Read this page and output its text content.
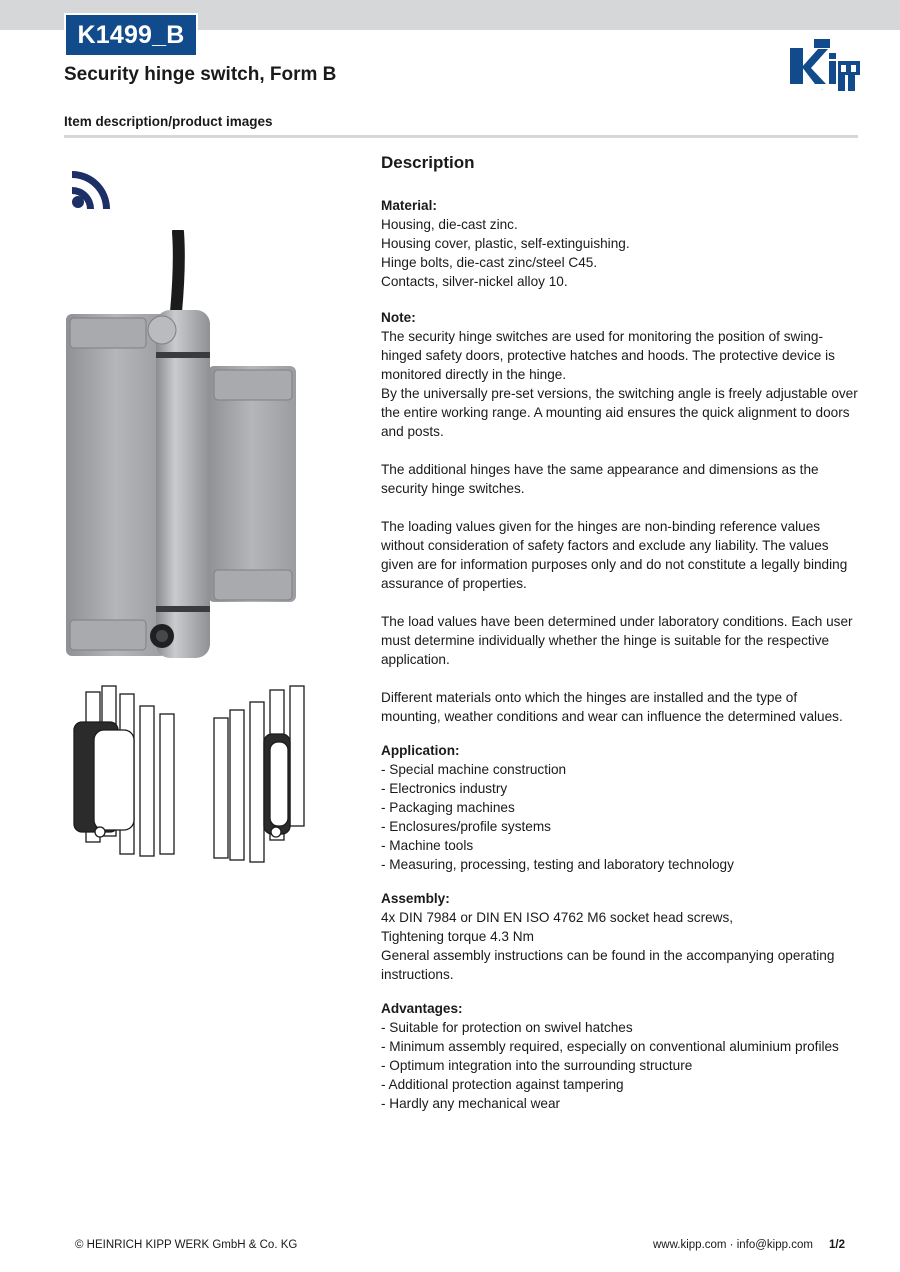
K1499_B
Security hinge switch, Form B
kipp
Item description/product images
Description
Material:
Housing, die-cast zinc.
Housing cover, plastic, self-extinguishing.
Hinge bolts, die-cast zinc/steel C45.
Contacts, silver-nickel alloy 10.
Note:
The security hinge switches are used for monitoring the position of swing-hinged safety doors, protective hatches and hoods. The protective device is monitored directly in the hinge.
By the universally pre-set versions, the switching angle is freely adjustable over the entire working range. A mounting aid ensures the quick alignment to doors and posts.
The additional hinges have the same appearance and dimensions as the security hinge switches.
The loading values given for the hinges are non-binding reference values without consideration of safety factors and exclude any liability. The values given are for information purposes only and do not constitute a legally binding assurance of properties.
The load values have been determined under laboratory conditions. Each user must determine individually whether the hinge is suitable for the respective application.
Different materials onto which the hinges are installed and the type of mounting, weather conditions and wear can influence the determined values.
Application:
- Special machine construction
- Electronics industry
- Packaging machines
- Enclosures/profile systems
- Machine tools
- Measuring, processing, testing and laboratory technology
Assembly:
4x DIN 7984 or DIN EN ISO 4762 M6 socket head screws,
Tightening torque 4.3 Nm
General assembly instructions can be found in the accompanying operating instructions.
Advantages:
- Suitable for protection on swivel hatches
- Minimum assembly required, especially on conventional aluminium profiles
- Optimum integration into the surrounding structure
- Additional protection against tampering
- Hardly any mechanical wear
© HEINRICH KIPP WERK GmbH & Co. KG	www.kipp.com · info@kipp.com 1/2
